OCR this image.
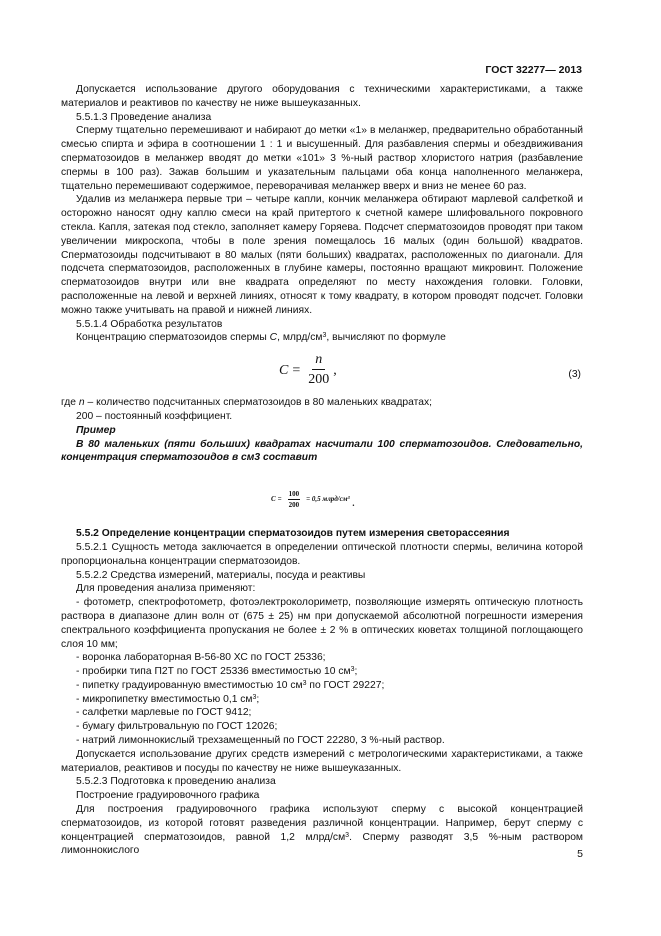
ГОСТ 32277— 2013

Допускается использование другого оборудования с техническими характеристиками, а также материалов и реактивов по качеству не ниже вышеуказанных.

5.5.1.3 Проведение анализа

Сперму тщательно перемешивают и набирают до метки «1» в меланжер, предварительно обработанный смесью спирта и эфира в соотношении 1 : 1 и высушенный. Для разбавления спермы и обездвиживания сперматозоидов в меланжер вводят до метки «101» 3 %-ный раствор хлористого натрия (разбавление спермы в 100 раз). Зажав большим и указательным пальцами оба конца наполненного меланжера, тщательно перемешивают содержимое, переворачивая меланжер вверх и вниз не менее 60 раз.

Удалив из меланжера первые три – четыре капли, кончик меланжера обтирают марлевой салфеткой и осторожно наносят одну каплю смеси на край притертого к счетной камере шлифовального покровного стекла. Капля, затекая под стекло, заполняет камеру Горяева. Подсчет сперматозоидов проводят при таком увеличении микроскопа, чтобы в поле зрения помещалось 16 малых (один большой) квадратов. Сперматозоиды подсчитывают в 80 малых (пяти больших) квадратах, расположенных по диагонали. Для подсчета сперматозоидов, расположенных в глубине камеры, постоянно вращают микровинт. Положение сперматозоидов внутри или вне квадрата определяют по месту нахождения головки. Головки, расположенные на левой и верхней линиях, относят к тому квадрату, в котором проводят подсчет. Головки можно также учитывать на правой и нижней линиях.

5.5.1.4 Обработка результатов

Концентрацию сперматозоидов спермы C, млрд/$см^3$, вычисляют по формуле

$C = \frac{n}{200}$ ,	(3)

где n – количество подсчитанных сперматозоидов в 80 маленьких квадратах;

200 – постоянный коэффициент.

Пример

В 80 маленьких (пяти больших) квадратах насчитали 100 сперматозоидов. Следовательно, концентрация сперматозоидов в см3 составит

$C = \frac{100}{200} = 0,5$ млрд/см³ .

5.5.2 Определение концентрации сперматозоидов путем измерения светорассеяния

5.5.2.1 Сущность метода заключается в определении оптической плотности спермы, величина которой пропорциональна концентрации сперматозоидов.

5.5.2.2 Средства измерений, материалы, посуда и реактивы

Для проведения анализа применяют:

- фотометр, спектрофотометр, фотоэлектроколориметр, позволяющие измерять оптическую плотность раствора в диапазоне длин волн от (675 ± 25) нм при допускаемой абсолютной погрешности измерения спектрального коэффициента пропускания не более ± 2 % в оптических кюветах толщиной поглощающего слоя 10 мм;

- воронка лабораторная В-56-80 ХС по ГОСТ 25336;

- пробирки типа П2Т по ГОСТ 25336 вместимостью 10 $см^3$;

- пипетку градуированную вместимостью 10 $см^3$ по ГОСТ 29227;

- микропипетку вместимостью 0,1 $см^3$;

- салфетки марлевые по ГОСТ 9412;

- бумагу фильтровальную по ГОСТ 12026;

- натрий лимоннокислый трехзамещенный по ГОСТ 22280, 3 %-ный раствор.

Допускается использование других средств измерений с метрологическими характеристиками, а также материалов, реактивов и посуды по качеству не ниже вышеуказанных.

5.5.2.3 Подготовка к проведению анализа

Построение градуировочного графика

Для построения градуировочного графика используют сперму с высокой концентрацией сперматозоидов, из которой готовят разведения различной концентрации. Например, берут сперму с концентрацией сперматозоидов, равной 1,2 млрд/$см^3$. Сперму разводят 3,5 %-ным раствором лимоннокислого	5
